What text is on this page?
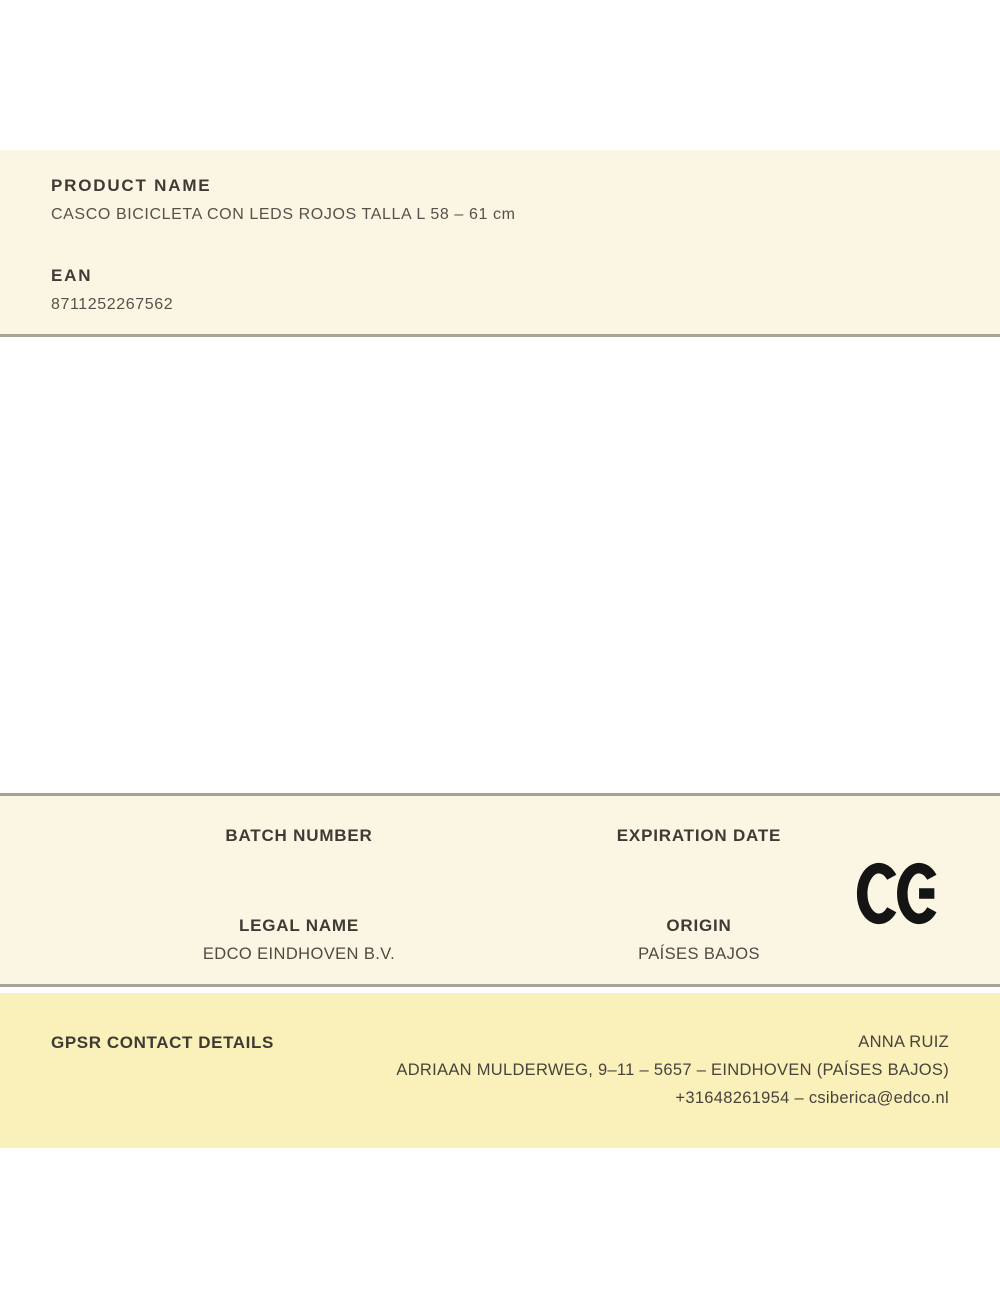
PRODUCT NAME
CASCO BICICLETA CON LEDS ROJOS TALLA L 58 – 61 cm
EAN
8711252267562
BATCH NUMBER	EXPIRATION DATE
LEGAL NAME
EDCO EINDHOVEN B.V.
ORIGIN
PAÍSES BAJOS
GPSR CONTACT DETAILS	ANNA RUIZ
ADRIAAN MULDERWEG, 9–11 – 5657 – EINDHOVEN (PAÍSES BAJOS)
+31648261954 – csiberica@edco.nl
